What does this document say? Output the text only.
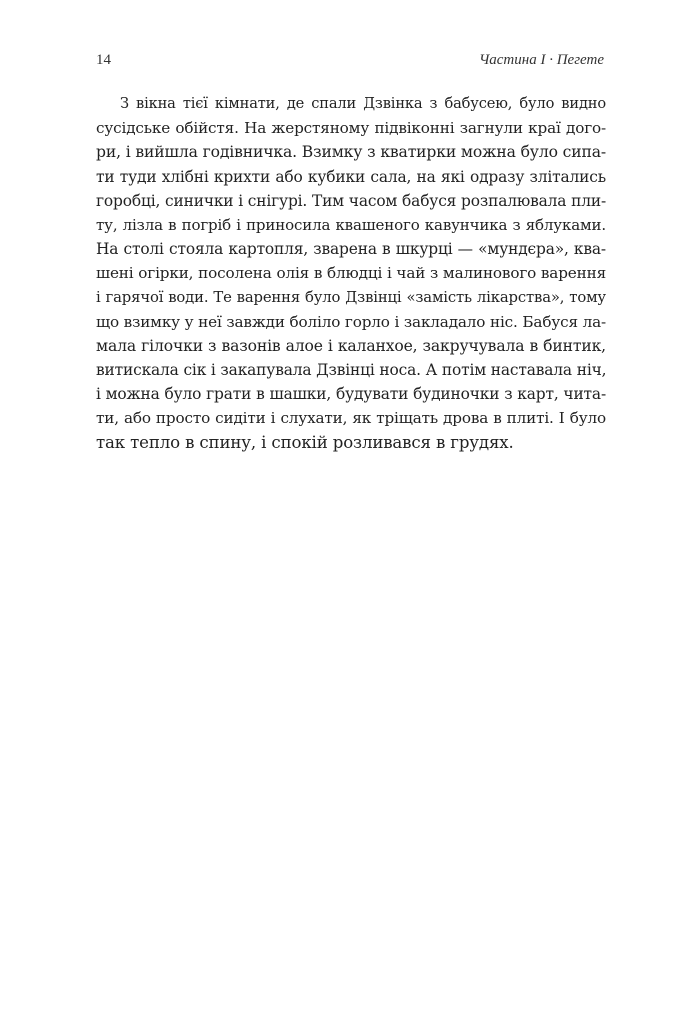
14	Частина І · Пегете
З вікна тієї кімнати, де спали Дзвінка з бабусею, було видно
сусідське обійстя. На жерстяному підвіконні загнули краї дого-
ри, і вийшла годівничка. Взимку з кватирки можна було сипа-
ти туди хлібні крихти або кубики сала, на які одразу злітались
горобці, синички і снігурі. Тим часом бабуся розпалювала пли-
ту, лізла в погріб і приносила квашеного кавунчика з яблуками.
На столі стояла картопля, зварена в шкурці — «мундєра», ква-
шені огірки, посолена олія в блюдці і чай з малинового варення
і гарячої води. Те варення було Дзвінці «замість лікарства», тому
що взимку у неї завжди боліло горло і закладало ніс. Бабуся ла-
мала гілочки з вазонів алое і каланхое, закручувала в бинтик,
витискала сік і закапувала Дзвінці носа. А потім наставала ніч,
і можна було грати в шашки, будувати будиночки з карт, чита-
ти, або просто сидіти і слухати, як тріщать дрова в плиті. І було
так тепло в спину, і спокій розливався в грудях.
